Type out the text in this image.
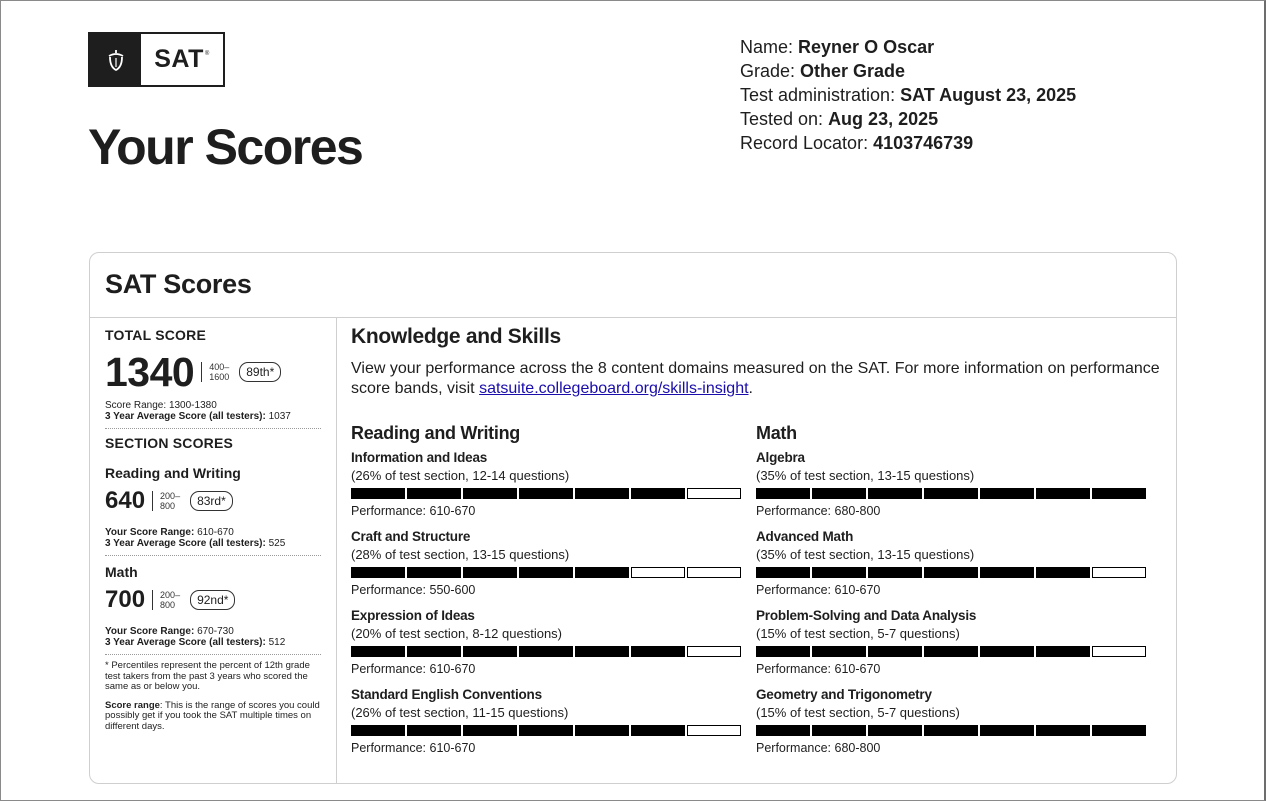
SAT®
Your Scores
Name: Reyner O Oscar
Grade: Other Grade
Test administration: SAT August 23, 2025
Tested on: Aug 23, 2025
Record Locator: 4103746739
SAT Scores
TOTAL SCORE
1340 400–
1600	89th*
Score Range: 1300-1380
3 Year Average Score (all testers): 1037
SECTION SCORES
Reading and Writing
640 200–
800	83rd*
Your Score Range: 610-670
3 Year Average Score (all testers): 525
Math
700 200–
800	92nd*
Your Score Range: 670-730
3 Year Average Score (all testers): 512
* Percentiles represent the percent of 12th grade test takers from the past 3 years who scored the same as or below you.
Score range: This is the range of scores you could possibly get if you took the SAT multiple times on different days.
Knowledge and Skills
View your performance across the 8 content domains measured on the SAT. For more information on performance score bands, visit satsuite.collegeboard.org/skills-insight.
Reading and Writing
Information and Ideas
(26% of test section, 12-14 questions)
Performance: 610-670
Craft and Structure
(28% of test section, 13-15 questions)
Performance: 550-600
Expression of Ideas
(20% of test section, 8-12 questions)
Performance: 610-670
Standard English Conventions
(26% of test section, 11-15 questions)
Performance: 610-670
Math
Algebra
(35% of test section, 13-15 questions)
Performance: 680-800
Advanced Math
(35% of test section, 13-15 questions)
Performance: 610-670
Problem-Solving and Data Analysis
(15% of test section, 5-7 questions)
Performance: 610-670
Geometry and Trigonometry
(15% of test section, 5-7 questions)
Performance: 680-800
